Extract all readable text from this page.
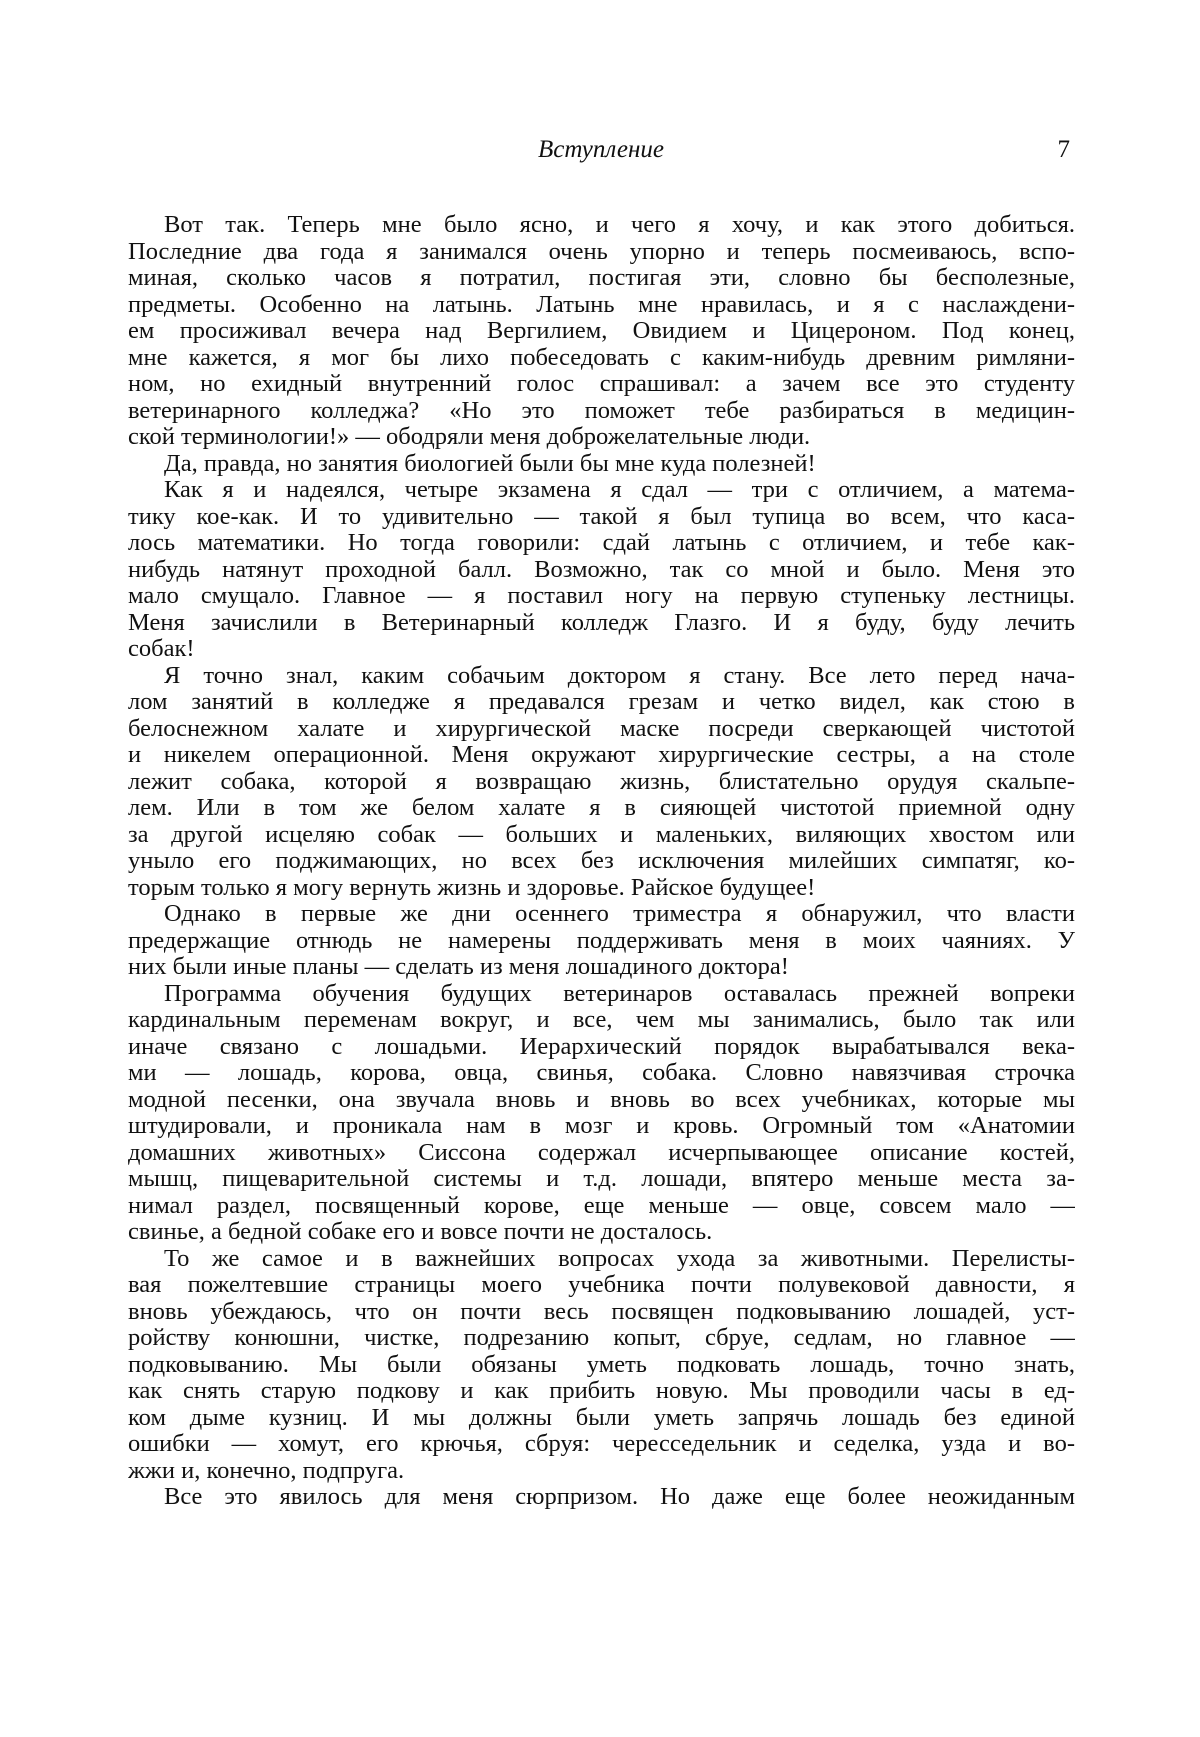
Вступление	7
Вот так. Теперь мне было ясно, и чего я хочу, и как этого добиться.
Последние два года я занимался очень упорно и теперь посмеиваюсь, вспо-
миная, сколько часов я потратил, постигая эти, словно бы бесполезные,
предметы. Особенно на латынь. Латынь мне нравилась, и я с наслаждени-
ем просиживал вечера над Вергилием, Овидием и Цицероном. Под конец,
мне кажется, я мог бы лихо побеседовать с каким-нибудь древним римляни-
ном, но ехидный внутренний голос спрашивал: а зачем все это студенту
ветеринарного колледжа? «Но это поможет тебе разбираться в медицин-
ской терминологии!» — ободряли меня доброжелательные люди.
Да, правда, но занятия биологией были бы мне куда полезней!
Как я и надеялся, четыре экзамена я сдал — три с отличием, а матема-
тику кое-как. И то удивительно — такой я был тупица во всем, что каса-
лось математики. Но тогда говорили: сдай латынь с отличием, и тебе как-
нибудь натянут проходной балл. Возможно, так со мной и было. Меня это
мало смущало. Главное — я поставил ногу на первую ступеньку лестницы.
Меня зачислили в Ветеринарный колледж Глазго. И я буду, буду лечить
собак!
Я точно знал, каким собачьим доктором я стану. Все лето перед нача-
лом занятий в колледже я предавался грезам и четко видел, как стою в
белоснежном халате и хирургической маске посреди сверкающей чистотой
и никелем операционной. Меня окружают хирургические сестры, а на столе
лежит собака, которой я возвращаю жизнь, блистательно орудуя скальпе-
лем. Или в том же белом халате я в сияющей чистотой приемной одну
за другой исцеляю собак — больших и маленьких, виляющих хвостом или
уныло его поджимающих, но всех без исключения милейших симпатяг, ко-
торым только я могу вернуть жизнь и здоровье. Райское будущее!
Однако в первые же дни осеннего триместра я обнаружил, что власти
предержащие отнюдь не намерены поддерживать меня в моих чаяниях. У
них были иные планы — сделать из меня лошадиного доктора!
Программа обучения будущих ветеринаров оставалась прежней вопреки
кардинальным переменам вокруг, и все, чем мы занимались, было так или
иначе связано с лошадьми. Иерархический порядок вырабатывался века-
ми — лошадь, корова, овца, свинья, собака. Словно навязчивая строчка
модной песенки, она звучала вновь и вновь во всех учебниках, которые мы
штудировали, и проникала нам в мозг и кровь. Огромный том «Анатомии
домашних животных» Сиссона содержал исчерпывающее описание костей,
мышц, пищеварительной системы и т.д. лошади, впятеро меньше места за-
нимал раздел, посвященный корове, еще меньше — овце, совсем мало —
свинье, а бедной собаке его и вовсе почти не досталось.
То же самое и в важнейших вопросах ухода за животными. Перелисты-
вая пожелтевшие страницы моего учебника почти полувековой давности, я
вновь убеждаюсь, что он почти весь посвящен подковыванию лошадей, уст-
ройству конюшни, чистке, подрезанию копыт, сбруе, седлам, но главное —
подковыванию. Мы были обязаны уметь подковать лошадь, точно знать,
как снять старую подкову и как прибить новую. Мы проводили часы в ед-
ком дыме кузниц. И мы должны были уметь запрячь лошадь без единой
ошибки — хомут, его крючья, сбруя: чересседельник и седелка, узда и во-
жжи и, конечно, подпруга.
Все это явилось для меня сюрпризом. Но даже еще более неожиданным
